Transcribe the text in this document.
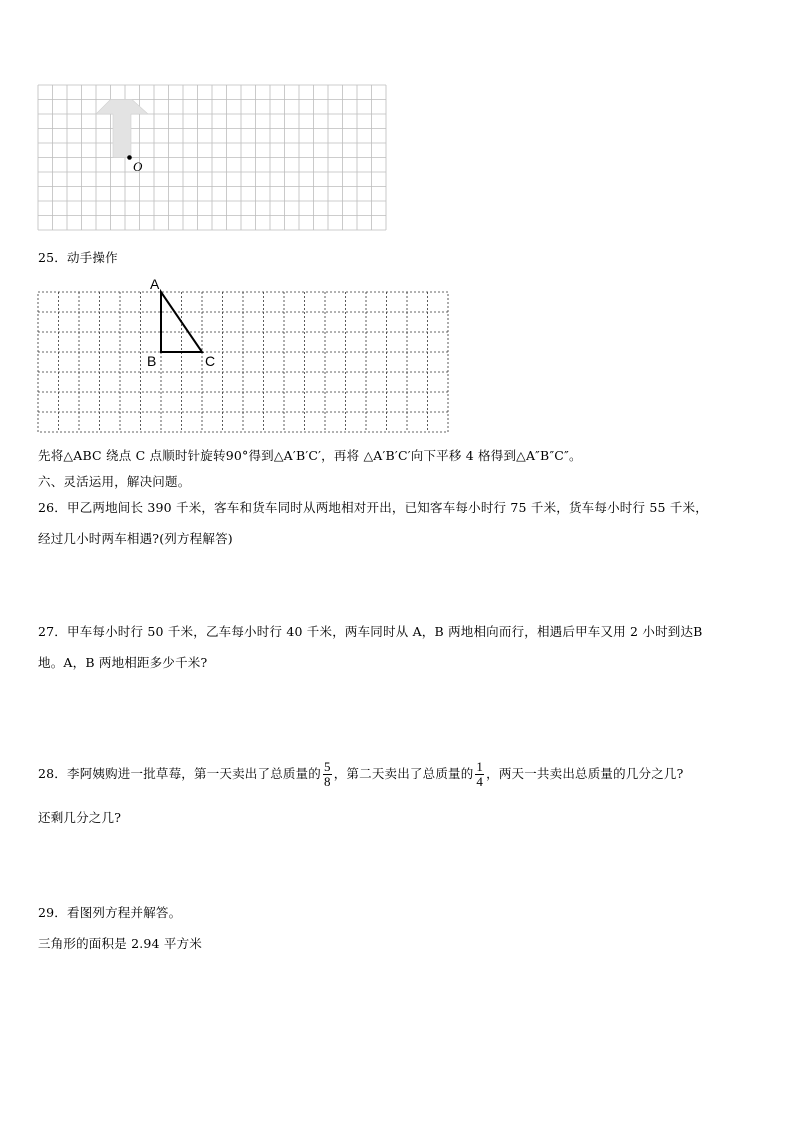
O
25．动手操作
A
B	C
先将△ABC 绕点 C 点顺时针旋转90°得到△A′B′C′，再将 △A′B′C′向下平移 4 格得到△A″B″C″。
六、灵活运用，解决问题。
26．甲乙两地间长 390 千米，客车和货车同时从两地相对开出，已知客车每小时行 75 千米，货车每小时行 55 千米，
经过几小时两车相遇?(列方程解答)
27．甲车每小时行 50 千米，乙车每小时行 40 千米，两车同时从 A，B 两地相向而行，相遇后甲车又用 2 小时到达B
地。A，B 两地相距多少千米?
28．李阿姨购进一批草莓，第一天卖出了总质量的 $\frac{5}{8}$ ，第二天卖出了总质量的 $\frac{1}{4}$ ，两天一共卖出总质量的几分之几?
还剩几分之几?
29．看图列方程并解答。
三角形的面积是 2.94 平方米
